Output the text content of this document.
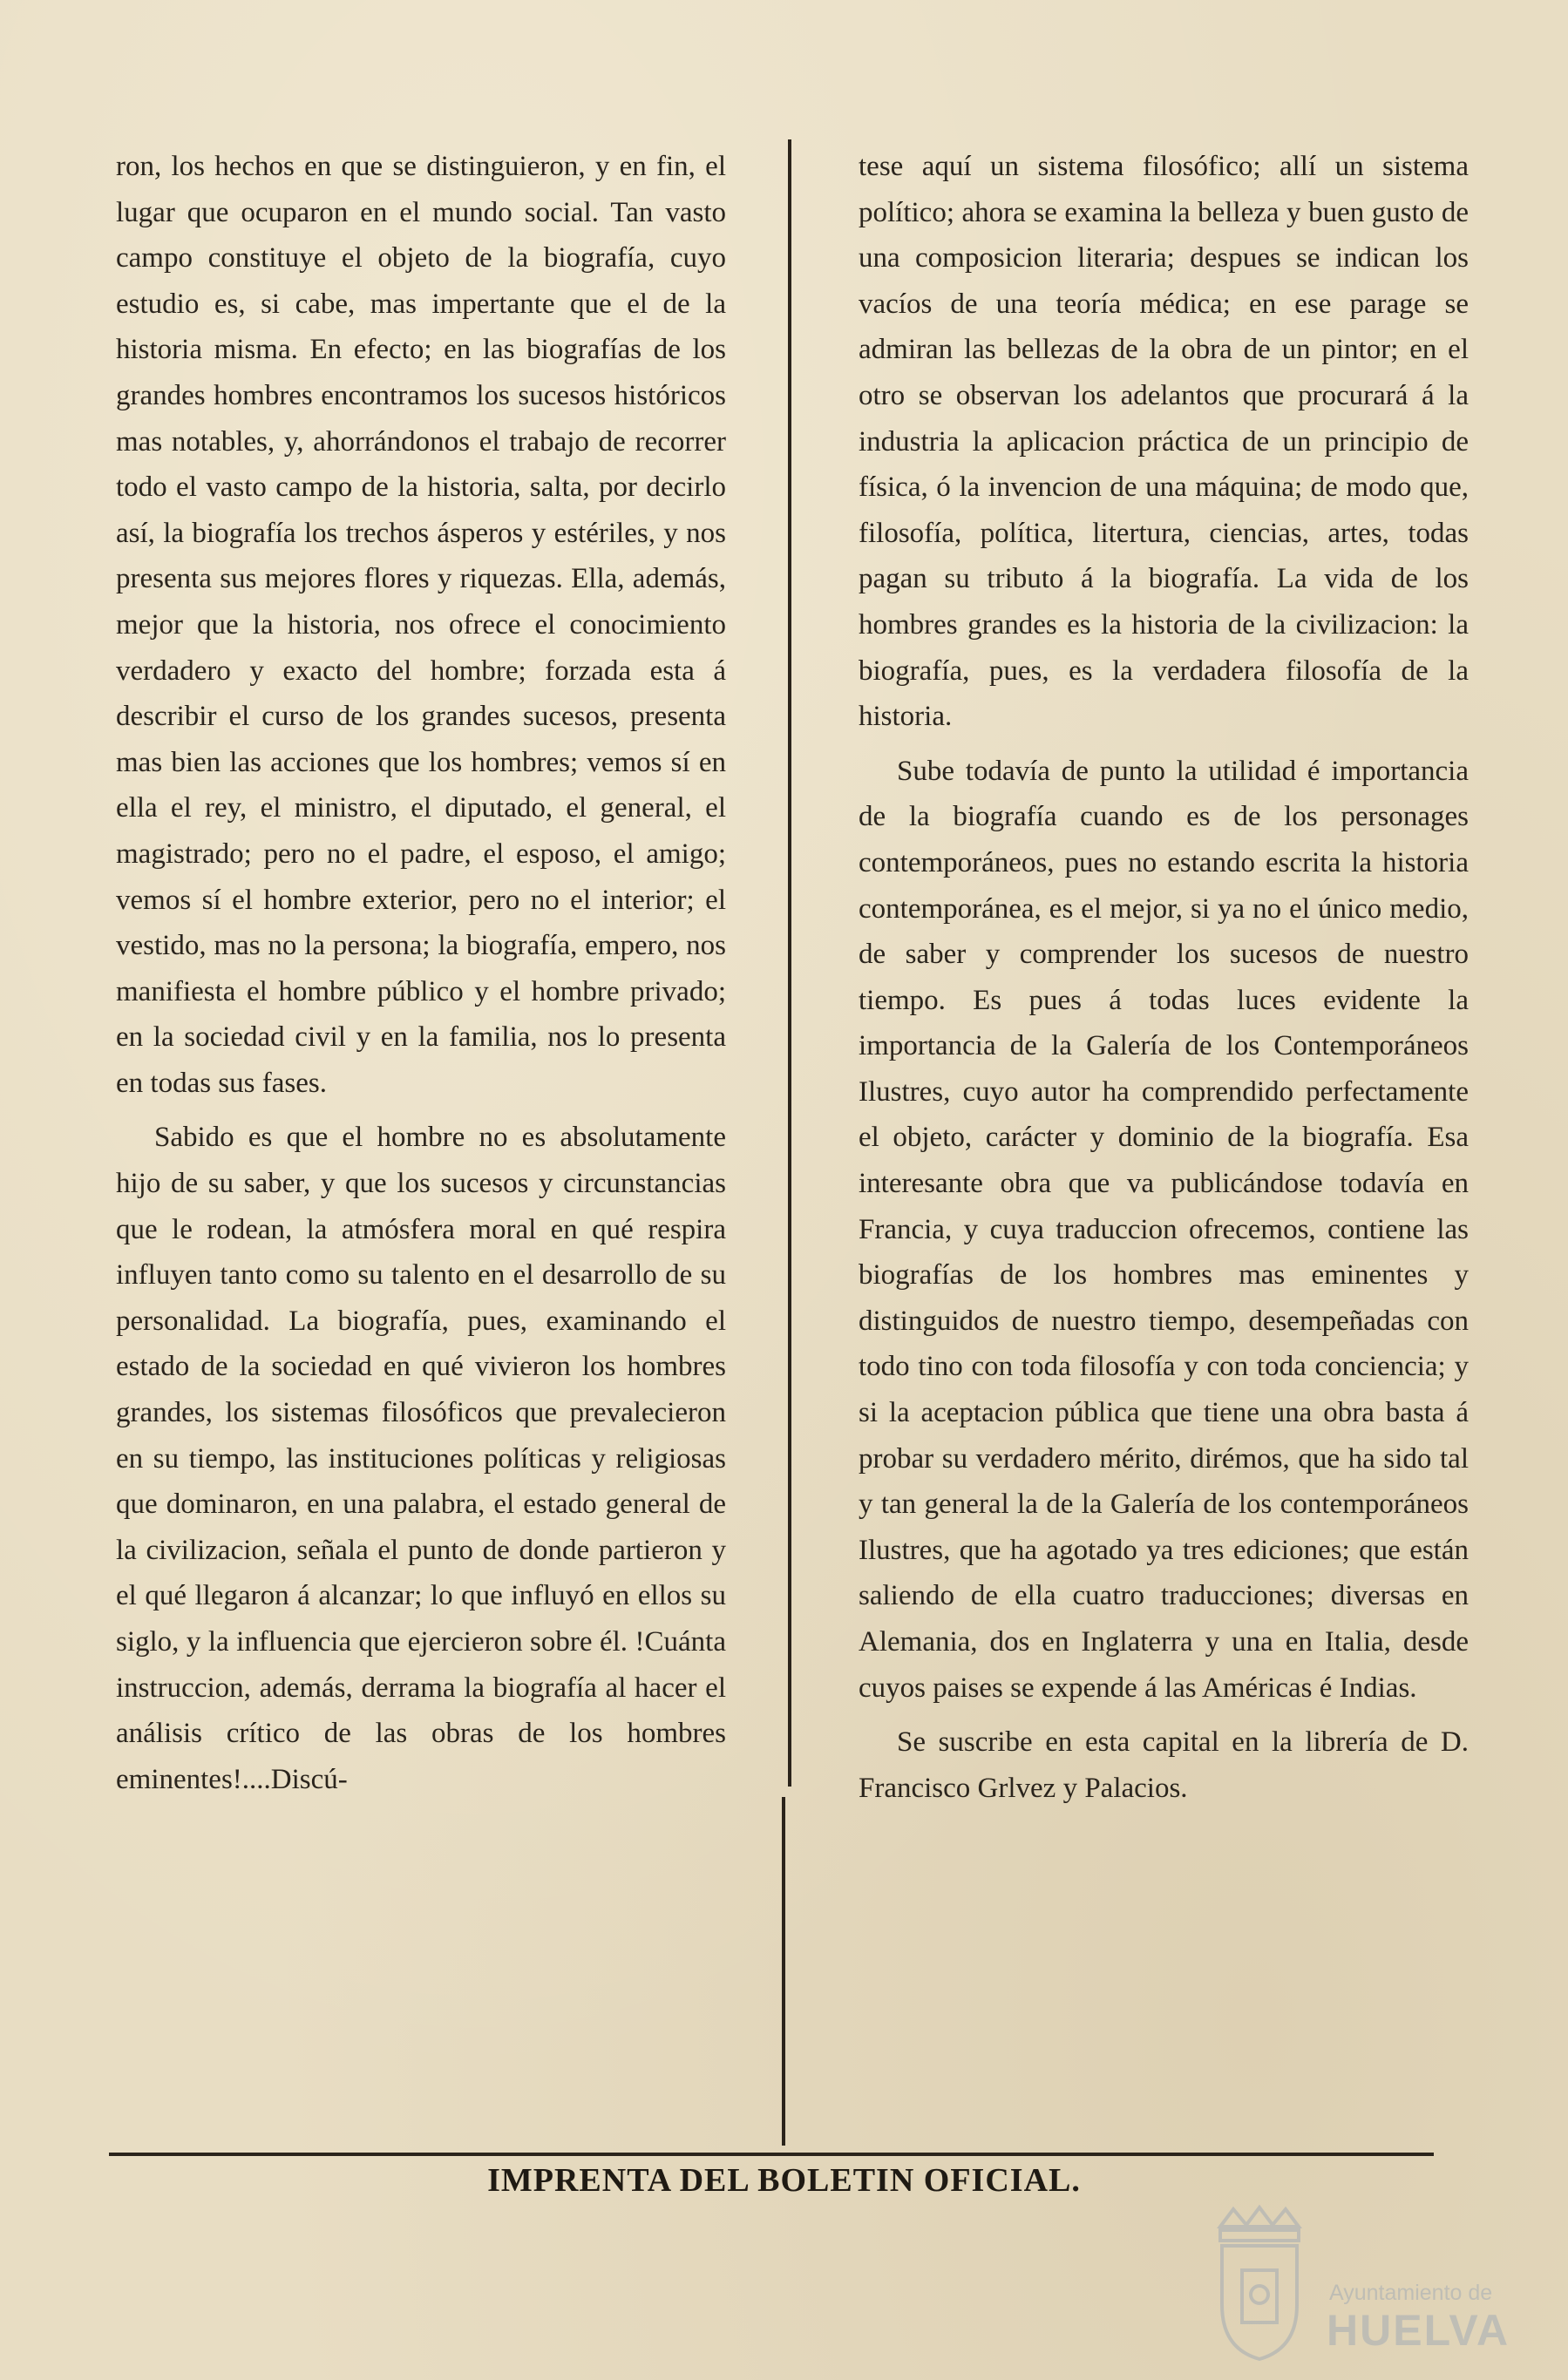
ron, los hechos en que se distinguieron, y en fin, el lugar que ocuparon en el mundo social. Tan vasto campo constituye el objeto de la biografía, cuyo estudio es, si cabe, mas impertante que el de la historia misma. En efecto; en las biografías de los grandes hombres encontramos los sucesos históricos mas notables, y, ahorrándonos el trabajo de recorrer todo el vasto campo de la historia, salta, por decirlo así, la biografía los trechos ásperos y estériles, y nos presenta sus mejores flores y riquezas. Ella, además, mejor que la historia, nos ofrece el conocimiento verdadero y exacto del hombre; forzada esta á describir el curso de los grandes sucesos, presenta mas bien las acciones que los hombres; vemos sí en ella el rey, el ministro, el diputado, el general, el magistrado; pero no el padre, el esposo, el amigo; vemos sí el hombre exterior, pero no el interior; el vestido, mas no la persona; la biografía, empero, nos manifiesta el hombre público y el hombre privado; en la sociedad civil y en la familia, nos lo presenta en todas sus fases.

Sabido es que el hombre no es absolutamente hijo de su saber, y que los sucesos y circunstancias que le rodean, la atmósfera moral en qué respira influyen tanto como su talento en el desarrollo de su personalidad. La biografía, pues, examinando el estado de la sociedad en qué vivieron los hombres grandes, los sistemas filosóficos que prevalecieron en su tiempo, las instituciones políticas y religiosas que dominaron, en una palabra, el estado general de la civilizacion, señala el punto de donde partieron y el qué llegaron á alcanzar; lo que influyó en ellos su siglo, y la influencia que ejercieron sobre él. !Cuánta instruccion, además, derrama la biografía al hacer el análisis crítico de las obras de los hombres eminentes!....Discú-

tese aquí un sistema filosófico; allí un sistema político; ahora se examina la belleza y buen gusto de una composicion literaria; despues se indican los vacíos de una teoría médica; en ese parage se admiran las bellezas de la obra de un pintor; en el otro se observan los adelantos que procurará á la industria la aplicacion práctica de un principio de física, ó la invencion de una máquina; de modo que, filosofía, política, litertura, ciencias, artes, todas pagan su tributo á la biografía. La vida de los hombres grandes es la historia de la civilizacion: la biografía, pues, es la verdadera filosofía de la historia.

Sube todavía de punto la utilidad é importancia de la biografía cuando es de los personages contemporáneos, pues no estando escrita la historia contemporánea, es el mejor, si ya no el único medio, de saber y comprender los sucesos de nuestro tiempo. Es pues á todas luces evidente la importancia de la Galería de los Contemporáneos Ilustres, cuyo autor ha comprendido perfectamente el objeto, carácter y dominio de la biografía. Esa interesante obra que va publicándose todavía en Francia, y cuya traduccion ofrecemos, contiene las biografías de los hombres mas eminentes y distinguidos de nuestro tiempo, desempeñadas con todo tino con toda filosofía y con toda conciencia; y si la aceptacion pública que tiene una obra basta á probar su verdadero mérito, dirémos, que ha sido tal y tan general la de la Galería de los contemporáneos Ilustres, que ha agotado ya tres ediciones; que están saliendo de ella cuatro traducciones; diversas en Alemania, dos en Inglaterra y una en Italia, desde cuyos paises se expende á las Américas é Indias.

Se suscribe en esta capital en la librería de D. Francisco Grlvez y Palacios.

IMPRENTA DEL BOLETIN OFICIAL.
Ayuntamiento de
HUELVA
